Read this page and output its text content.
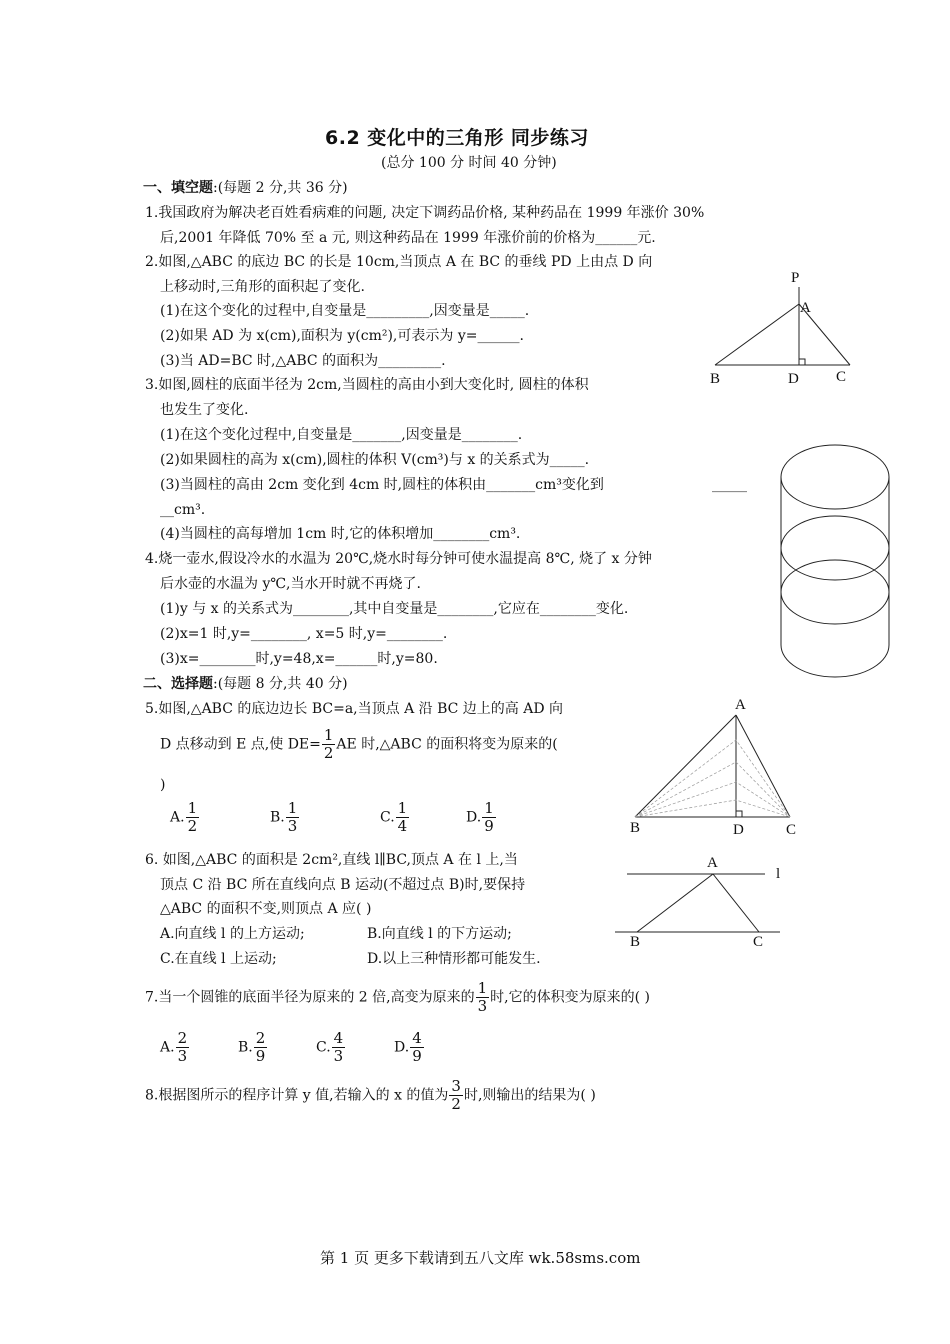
6.2 变化中的三角形 同步练习
(总分 100 分 时间 40 分钟)
一、填空题:(每题 2 分,共 36 分)
1.我国政府为解决老百姓看病难的问题, 决定下调药品价格, 某种药品在 1999 年涨价 30%
后,2001 年降低 70% 至 a 元, 则这种药品在 1999 年涨价前的价格为______元.
2.如图,△ABC 的底边 BC 的长是 10cm,当顶点 A 在 BC 的垂线 PD 上由点 D 向
上移动时,三角形的面积起了变化.
(1)在这个变化的过程中,自变量是_________,因变量是_____.
(2)如果 AD 为 x(cm),面积为 y(cm²),可表示为 y=______.
(3)当 AD=BC 时,△ABC 的面积为_________.
P
A
B	D C
3.如图,圆柱的底面半径为 2cm,当圆柱的高由小到大变化时, 圆柱的体积
也发生了变化.
(1)在这个变化过程中,自变量是_______,因变量是________.
(2)如果圆柱的高为 x(cm),圆柱的体积 V(cm³)与 x 的关系式为_____.
(3)当圆柱的高由 2cm 变化到 4cm 时,圆柱的体积由_______cm³变化到	_____
__cm³.
(4)当圆柱的高每增加 1cm 时,它的体积增加________cm³.
4.烧一壶水,假设冷水的水温为 20℃,烧水时每分钟可使水温提高 8℃, 烧了 x 分钟
后水壶的水温为 y℃,当水开时就不再烧了.
(1)y 与 x 的关系式为________,其中自变量是________,它应在________变化.
(2)x=1 时,y=________, x=5 时,y=________.
(3)x=________时,y=48,x=______时,y=80.
二、选择题:(每题 8 分,共 40 分)
5.如图,△ABC 的底边边长 BC=a,当顶点 A 沿 BC 边上的高 AD 向
D 点移动到 E 点,使 $DE= \frac{1}{2}$ AE 时,△ABC 的面积将变为原来的(
)
A. $\frac{1}{2}$	B. $\frac{1}{3}$	C. $\frac{1}{4}$	D. $\frac{1}{9}$
A
B	D	C
6. 如图,△ABC 的面积是 2cm²,直线 l∥BC,顶点 A 在 l 上,当
顶点 C 沿 BC 所在直线向点 B 运动(不超过点 B)时,要保持
△ABC 的面积不变,则顶点 A 应( )
A.向直线 l 的上方运动;	B.向直线 l 的下方运动;
C.在直线 l 上运动;	D.以上三种情形都可能发生.
A
l
B	C
7.当一个圆锥的底面半径为原来的 2 倍,高变为原来的 $\frac{1}{3}$ 时,它的体积变为原来的( )
A. $\frac{2}{3}$	B. $\frac{2}{9}$	C. $\frac{4}{3}$	D. $\frac{4}{9}$
8.根据图所示的程序计算 y 值,若输入的 x 的值为 $\frac{3}{2}$ 时,则输出的结果为( )
第 1 页 更多下载请到五八文库 wk.58sms.com
